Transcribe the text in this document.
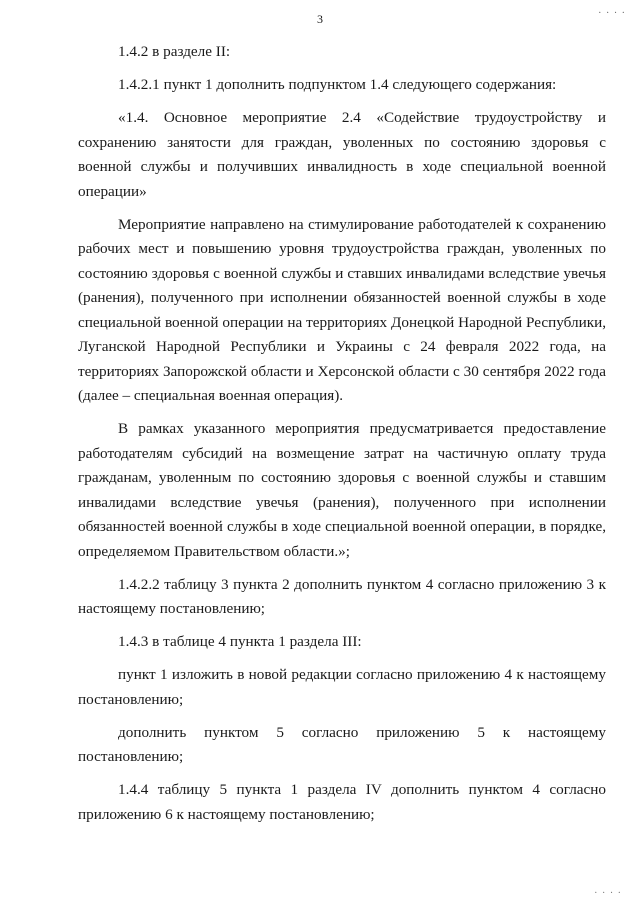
3	· · · ·

1.4.2 в разделе II:

1.4.2.1 пункт 1 дополнить подпунктом 1.4 следующего содержания:

«1.4. Основное мероприятие 2.4 «Содействие трудоустройству и сохранению занятости для граждан, уволенных по состоянию здоровья с военной службы и получивших инвалидность в ходе специальной военной операции»

Мероприятие направлено на стимулирование работодателей к сохранению рабочих мест и повышению уровня трудоустройства граждан, уволенных по состоянию здоровья с военной службы и ставших инвалидами вследствие увечья (ранения), полученного при исполнении обязанностей военной службы в ходе специальной военной операции на территориях Донецкой Народной Республики, Луганской Народной Республики и Украины с 24 февраля 2022 года, на территориях Запорожской области и Херсонской области с 30 сентября 2022 года (далее – специальная военная операция).

В рамках указанного мероприятия предусматривается предоставление работодателям субсидий на возмещение затрат на частичную оплату труда гражданам, уволенным по состоянию здоровья с военной службы и ставшим инвалидами вследствие увечья (ранения), полученного при исполнении обязанностей военной службы в ходе специальной военной операции, в порядке, определяемом Правительством области.»;

1.4.2.2 таблицу 3 пункта 2 дополнить пунктом 4 согласно приложению 3 к настоящему постановлению;

1.4.3 в таблице 4 пункта 1 раздела III:

пункт 1 изложить в новой редакции согласно приложению 4 к настоящему постановлению;

дополнить пунктом 5 согласно приложению 5 к настоящему постановлению;

1.4.4 таблицу 5 пункта 1 раздела IV дополнить пунктом 4 согласно приложению 6 к настоящему постановлению;

· · · ·
